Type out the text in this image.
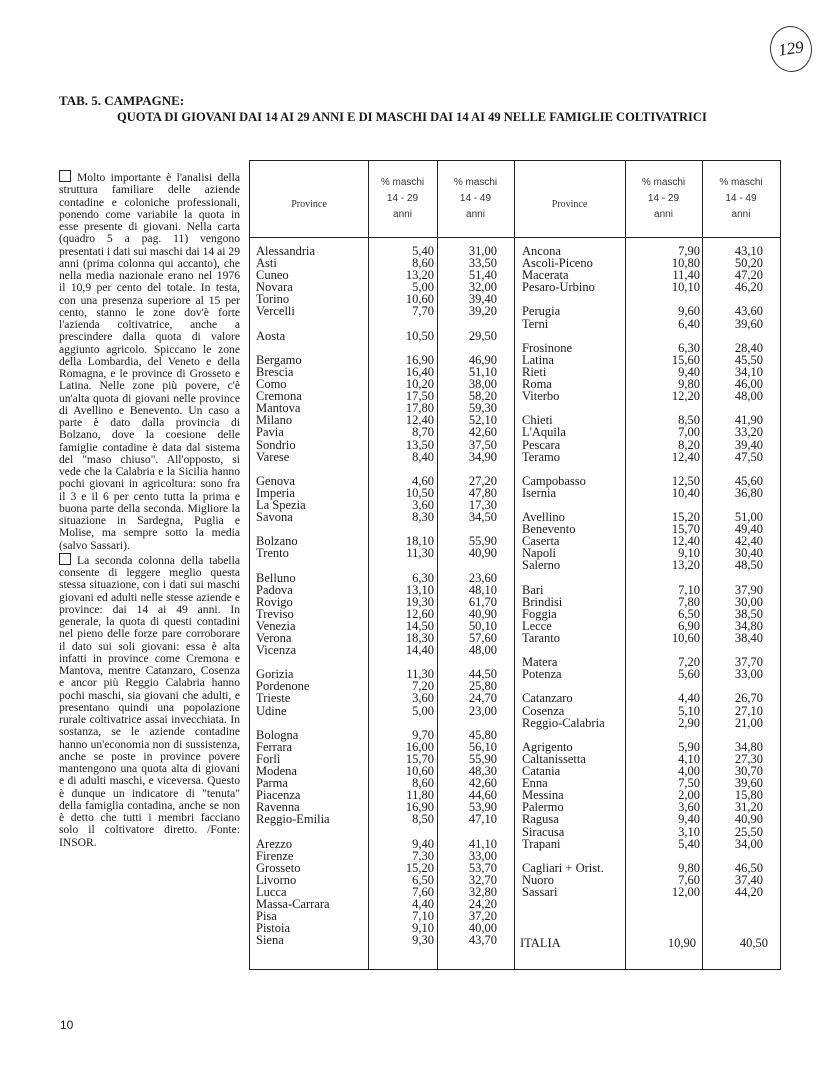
129
TAB. 5. CAMPAGNE:
QUOTA DI GIOVANI DAI 14 AI 29 ANNI E DI MASCHI DAI 14 AI 49 NELLE FAMIGLIE COLTIVATRICI

Molto importante è l'analisi della struttura familiare delle aziende contadine e coloniche professionali, ponendo come variabile la quota in esse presente di giovani. Nella carta (quadro 5 a pag. 11) vengono presentati i dati sui maschi dai 14 ai 29 anni (prima colonna qui accanto), che nella media nazionale erano nel 1976 il 10,9 per cento del totale. In testa, con una presenza superiore al 15 per cento, stanno le zone dov'è forte l'azienda coltivatrice, anche a prescindere dalla quota di valore aggiunto agricolo. Spiccano le zone della Lombardia, del Veneto e della Romagna, e le province di Grosseto e Latina. Nelle zone più povere, c'è un'alta quota di giovani nelle province di Avellino e Benevento. Un caso a parte è dato dalla provincia di Bolzano, dove la coesione delle famiglie contadine è data dal sistema del "maso chiuso". All'opposto, si vede che la Calabria e la Sicilia hanno pochi giovani in agricoltura: sono fra il 3 e il 6 per cento tutta la prima e buona parte della seconda. Migliore la situazione in Sardegna, Puglia e Molise, ma sempre sotto la media (salvo Sassari).

La seconda colonna della tabella consente di leggere meglio questa stessa situazione, con i dati sui maschi giovani ed adulti nelle stesse aziende e province: dai 14 ai 49 anni. In generale, la quota di questi contadini nel pieno delle forze pare corroborare il dato sui soli giovani: essa è alta infatti in province come Cremona e Mantova, mentre Catanzaro, Cosenza e ancor più Reggio Calabria hanno pochi maschi, sia giovani che adulti, e presentano quindi una popolazione rurale coltivatrice assai invecchiata. In sostanza, se le aziende contadine hanno un'economia non di sussistenza, anche se poste in province povere mantengono una quota alta di giovani e di adulti maschi, e viceversa. Questo è dunque un indicatore di "tenuta" della famiglia contadina, anche se non è detto che tutti i membri facciano solo il coltivatore diretto. /Fonte: INSOR.

Province
% maschi
14 - 29
anni
% maschi
14 - 49
anni
Province
% maschi
14 - 29
anni
% maschi
14 - 49
anni
Alessandria	5,40	31,00
Asti	8,60	33,50
Cuneo	13,20	51,40
Novara	5,00	32,00
Torino	10,60	39,40
Vercelli	7,70	39,20
Aosta	10,50	29,50
Bergamo	16,90	46,90
Brescia	16,40	51,10
Como	10,20	38,00
Cremona	17,50	58,20
Mantova	17,80	59,30
Milano	12,40	52,10
Pavia	8,70	42,60
Sondrio	13,50	37,50
Varese	8,40	34,90
Genova	4,60	27,20
Imperia	10,50	47,80
La Spezia	3,60	17,30
Savona	8,30	34,50
Bolzano	18,10	55,90
Trento	11,30	40,90
Belluno	6,30	23,60
Padova	13,10	48,10
Rovigo	19,30	61,70
Treviso	12,60	40,90
Venezia	14,50	50,10
Verona	18,30	57,60
Vicenza	14,40	48,00
Gorizia	11,30	44,50
Pordenone	7,20	25,80
Trieste	3,60	24,70
Udine	5,00	23,00
Bologna	9,70	45,80
Ferrara	16,00	56,10
Forlì	15,70	55,90
Modena	10,60	48,30
Parma	8,60	42,60
Piacenza	11,80	44,60
Ravenna	16,90	53,90
Reggio-Emilia	8,50	47,10
Arezzo	9,40	41,10
Firenze	7,30	33,00
Grosseto	15,20	53,70
Livorno	6,50	32,70
Lucca	7,60	32,80
Massa-Carrara	4,40	24,20
Pisa	7,10	37,20
Pistoia	9,10	40,00
Siena	9,30	43,70
Ancona	7,90	43,10
Ascoli-Piceno	10,80	50,20
Macerata	11,40	47,20
Pesaro-Urbino	10,10	46,20
Perugia	9,60	43,60
Terni	6,40	39,60
Frosinone	6,30	28,40
Latina	15,60	45,50
Rieti	9,40	34,10
Roma	9,80	46,00
Viterbo	12,20	48,00
Chieti	8,50	41,90
L'Aquila	7,00	33,20
Pescara	8,20	39,40
Teramo	12,40	47,50
Campobasso	12,50	45,60
Isernia	10,40	36,80
Avellino	15,20	51,00
Benevento	15,70	49,40
Caserta	12,40	42,40
Napoli	9,10	30,40
Salerno	13,20	48,50
Bari	7,10	37,90
Brindisi	7,80	30,00
Foggia	6,50	38,50
Lecce	6,90	34,80
Taranto	10,60	38,40
Matera	7,20	37,70
Potenza	5,60	33,00
Catanzaro	4,40	26,70
Cosenza	5,10	27,10
Reggio-Calabria	2,90	21,00
Agrigento	5,90	34,80
Caltanissetta	4,10	27,30
Catania	4,00	30,70
Enna	7,50	39,60
Messina	2,00	15,80
Palermo	3,60	31,20
Ragusa	9,40	40,90
Siracusa	3,10	25,50
Trapani	5,40	34,00
Cagliari + Orist.	9,80	46,50
Nuoro	7,60	37,40
Sassari	12,00	44,20
ITALIA	10,90	40,50
10
